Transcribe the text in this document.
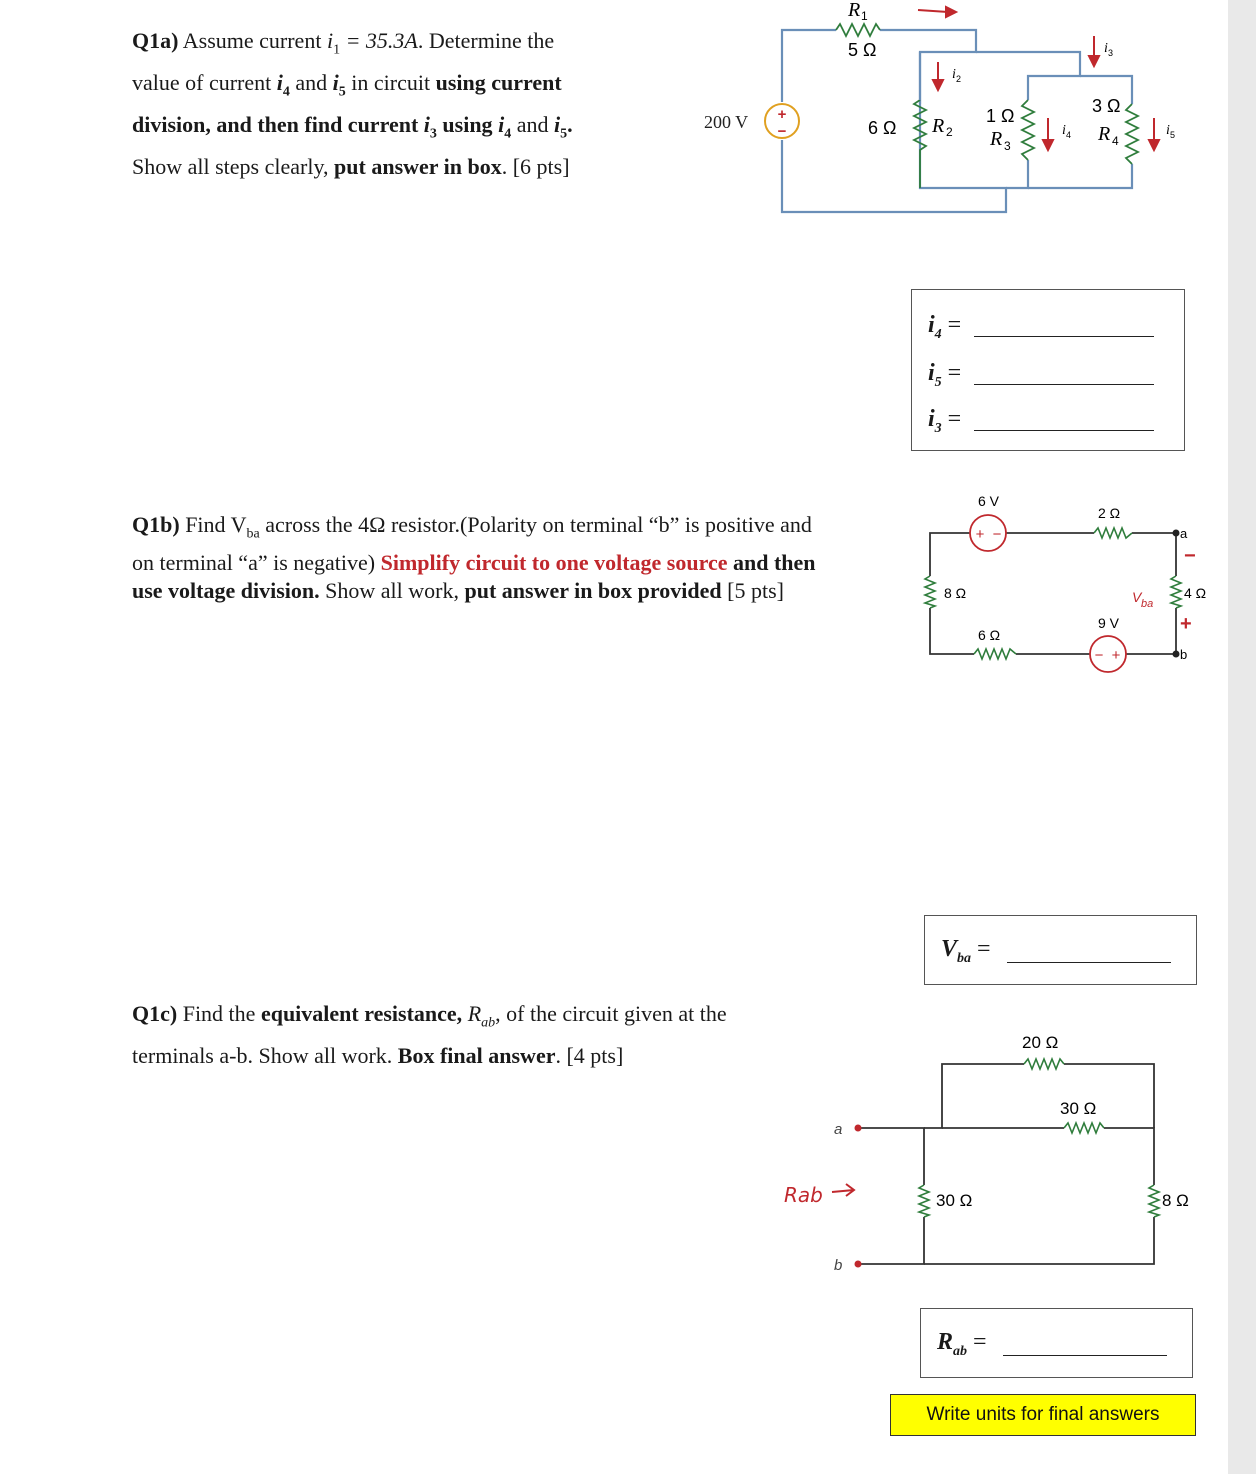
Q1a) Assume current $i_1 = 35.3A$. Determine the
value of current $i_4$ and $i_5$ in circuit using current
division, and then find current $i_3$ using $i_4$ and $i_5$.
Show all steps clearly, put answer in box. [6 pts]
+
−
200 V
R 1
5 Ω
6 Ω R 2
1 Ω
R 3
3 Ω
R 4
i 2
i 3
i 4	i 5
$i_4$ =
$i_5$ =
$i_3$ =
Q1b) Find $V_{ba}$ across the 4Ω resistor.(Polarity on terminal “b” is positive and
on terminal “a” is negative) Simplify circuit to one voltage source and then
use voltage division. Show all work, put answer in box provided [5 pts]
+ −
− +
6 V
2 Ω
8 Ω
6 Ω
9 V
4 Ω
a
b
V ba
−
+
$V_{ba}$ =
Q1c) Find the equivalent resistance, $R_{ab}$, of the circuit given at the
terminals a-b. Show all work. Box final answer. [4 pts]
a
b
20 Ω
30 Ω
30 Ω	8 Ω
Rab
$R_{ab}$ =
Write units for final answers
